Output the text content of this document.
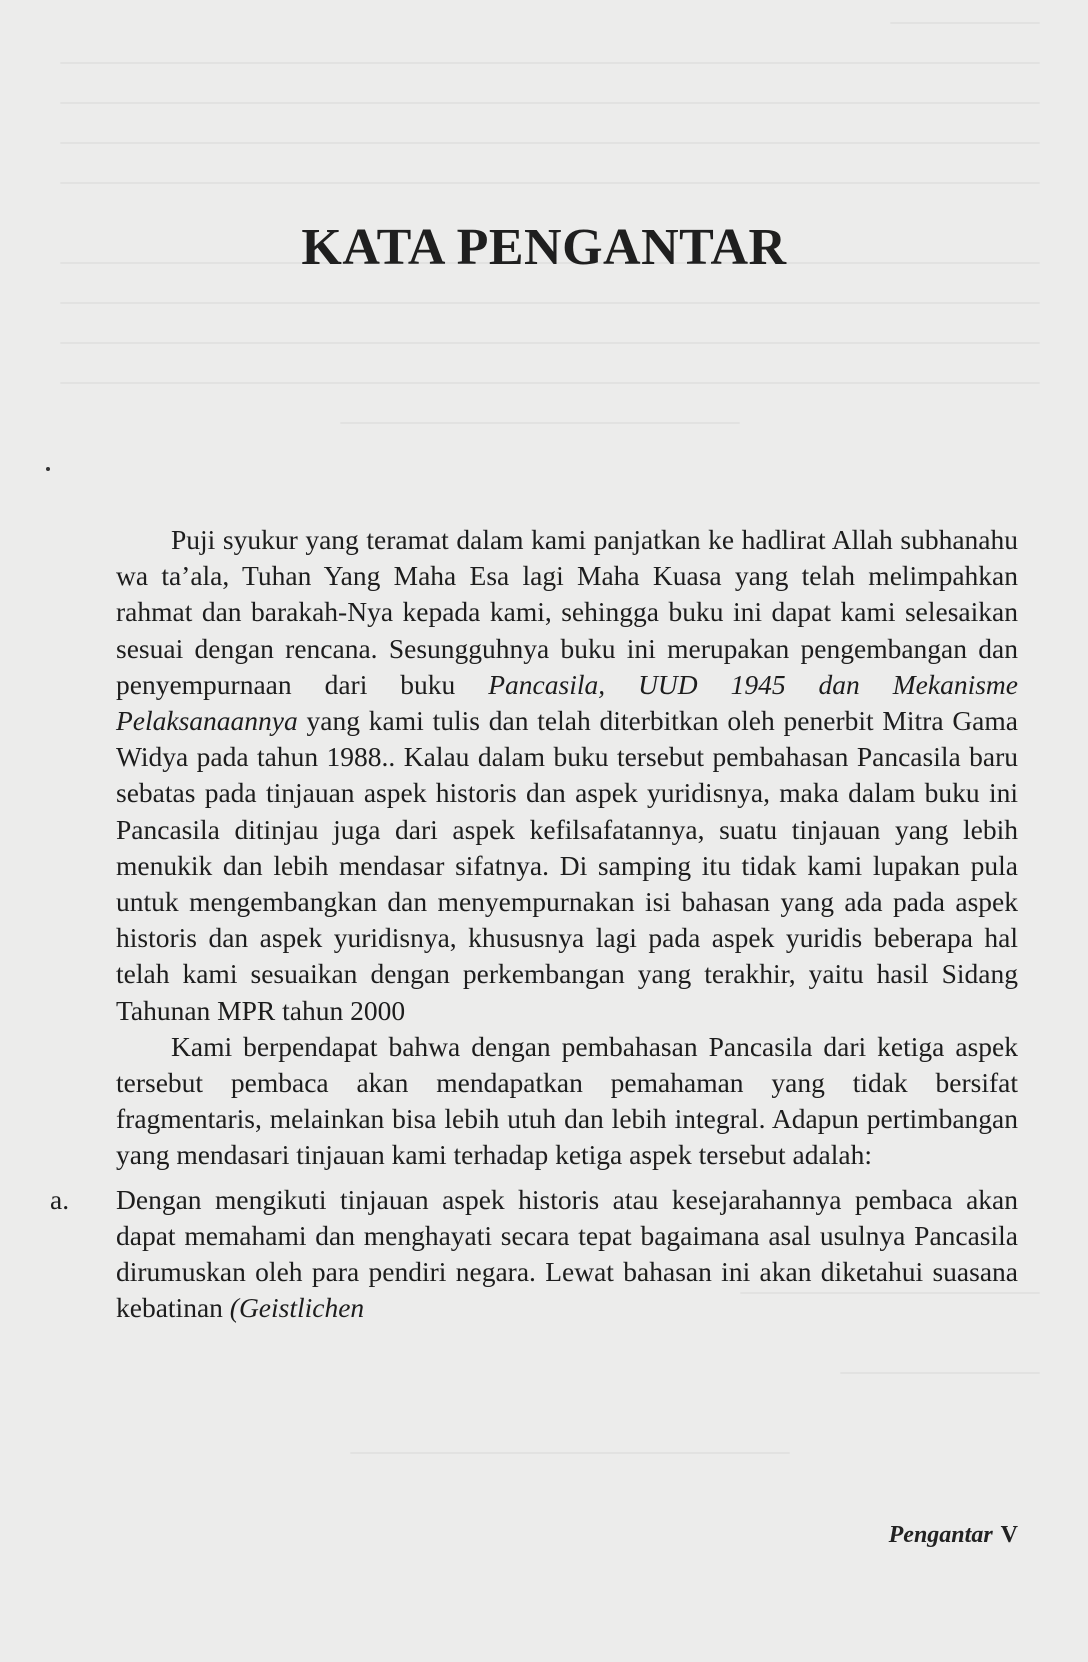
KATA PENGANTAR

Puji syukur yang teramat dalam kami panjatkan ke hadlirat Allah subhanahu wa ta’ala, Tuhan Yang Maha Esa lagi Maha Kuasa yang telah melimpahkan rahmat dan barakah-Nya kepada kami, sehingga buku ini dapat kami selesaikan sesuai dengan rencana. Sesungguhnya buku ini merupakan pengembangan dan penyempurnaan dari buku Pancasila, UUD 1945 dan Mekanisme Pelaksanaannya yang kami tulis dan telah diterbitkan oleh penerbit Mitra Gama Widya pada tahun 1988.. Kalau dalam buku tersebut pembahasan Pancasila baru sebatas pada tinjauan aspek historis dan aspek yuridisnya, maka dalam buku ini Pancasila ditinjau juga dari aspek kefilsafatannya, suatu tinjauan yang lebih menukik dan lebih mendasar sifatnya. Di samping itu tidak kami lupakan pula untuk mengembangkan dan menyempurnakan isi bahasan yang ada pada aspek historis dan aspek yuridisnya, khususnya lagi pada aspek yuridis beberapa hal telah kami sesuaikan dengan perkembangan yang terakhir, yaitu hasil Sidang Tahunan MPR tahun 2000

Kami berpendapat bahwa dengan pembahasan Pancasila dari ketiga aspek tersebut pembaca akan mendapatkan pemahaman yang tidak bersifat fragmentaris, melainkan bisa lebih utuh dan lebih integral. Adapun pertimbangan yang mendasari tinjauan kami terhadap ketiga aspek tersebut adalah:

a. Dengan mengikuti tinjauan aspek historis atau kesejarahannya pembaca akan dapat memahami dan menghayati secara tepat bagaimana asal usulnya Pancasila dirumuskan oleh para pendiri negara. Lewat bahasan ini akan diketahui suasana kebatinan (Geistlichen
Pengantar V
